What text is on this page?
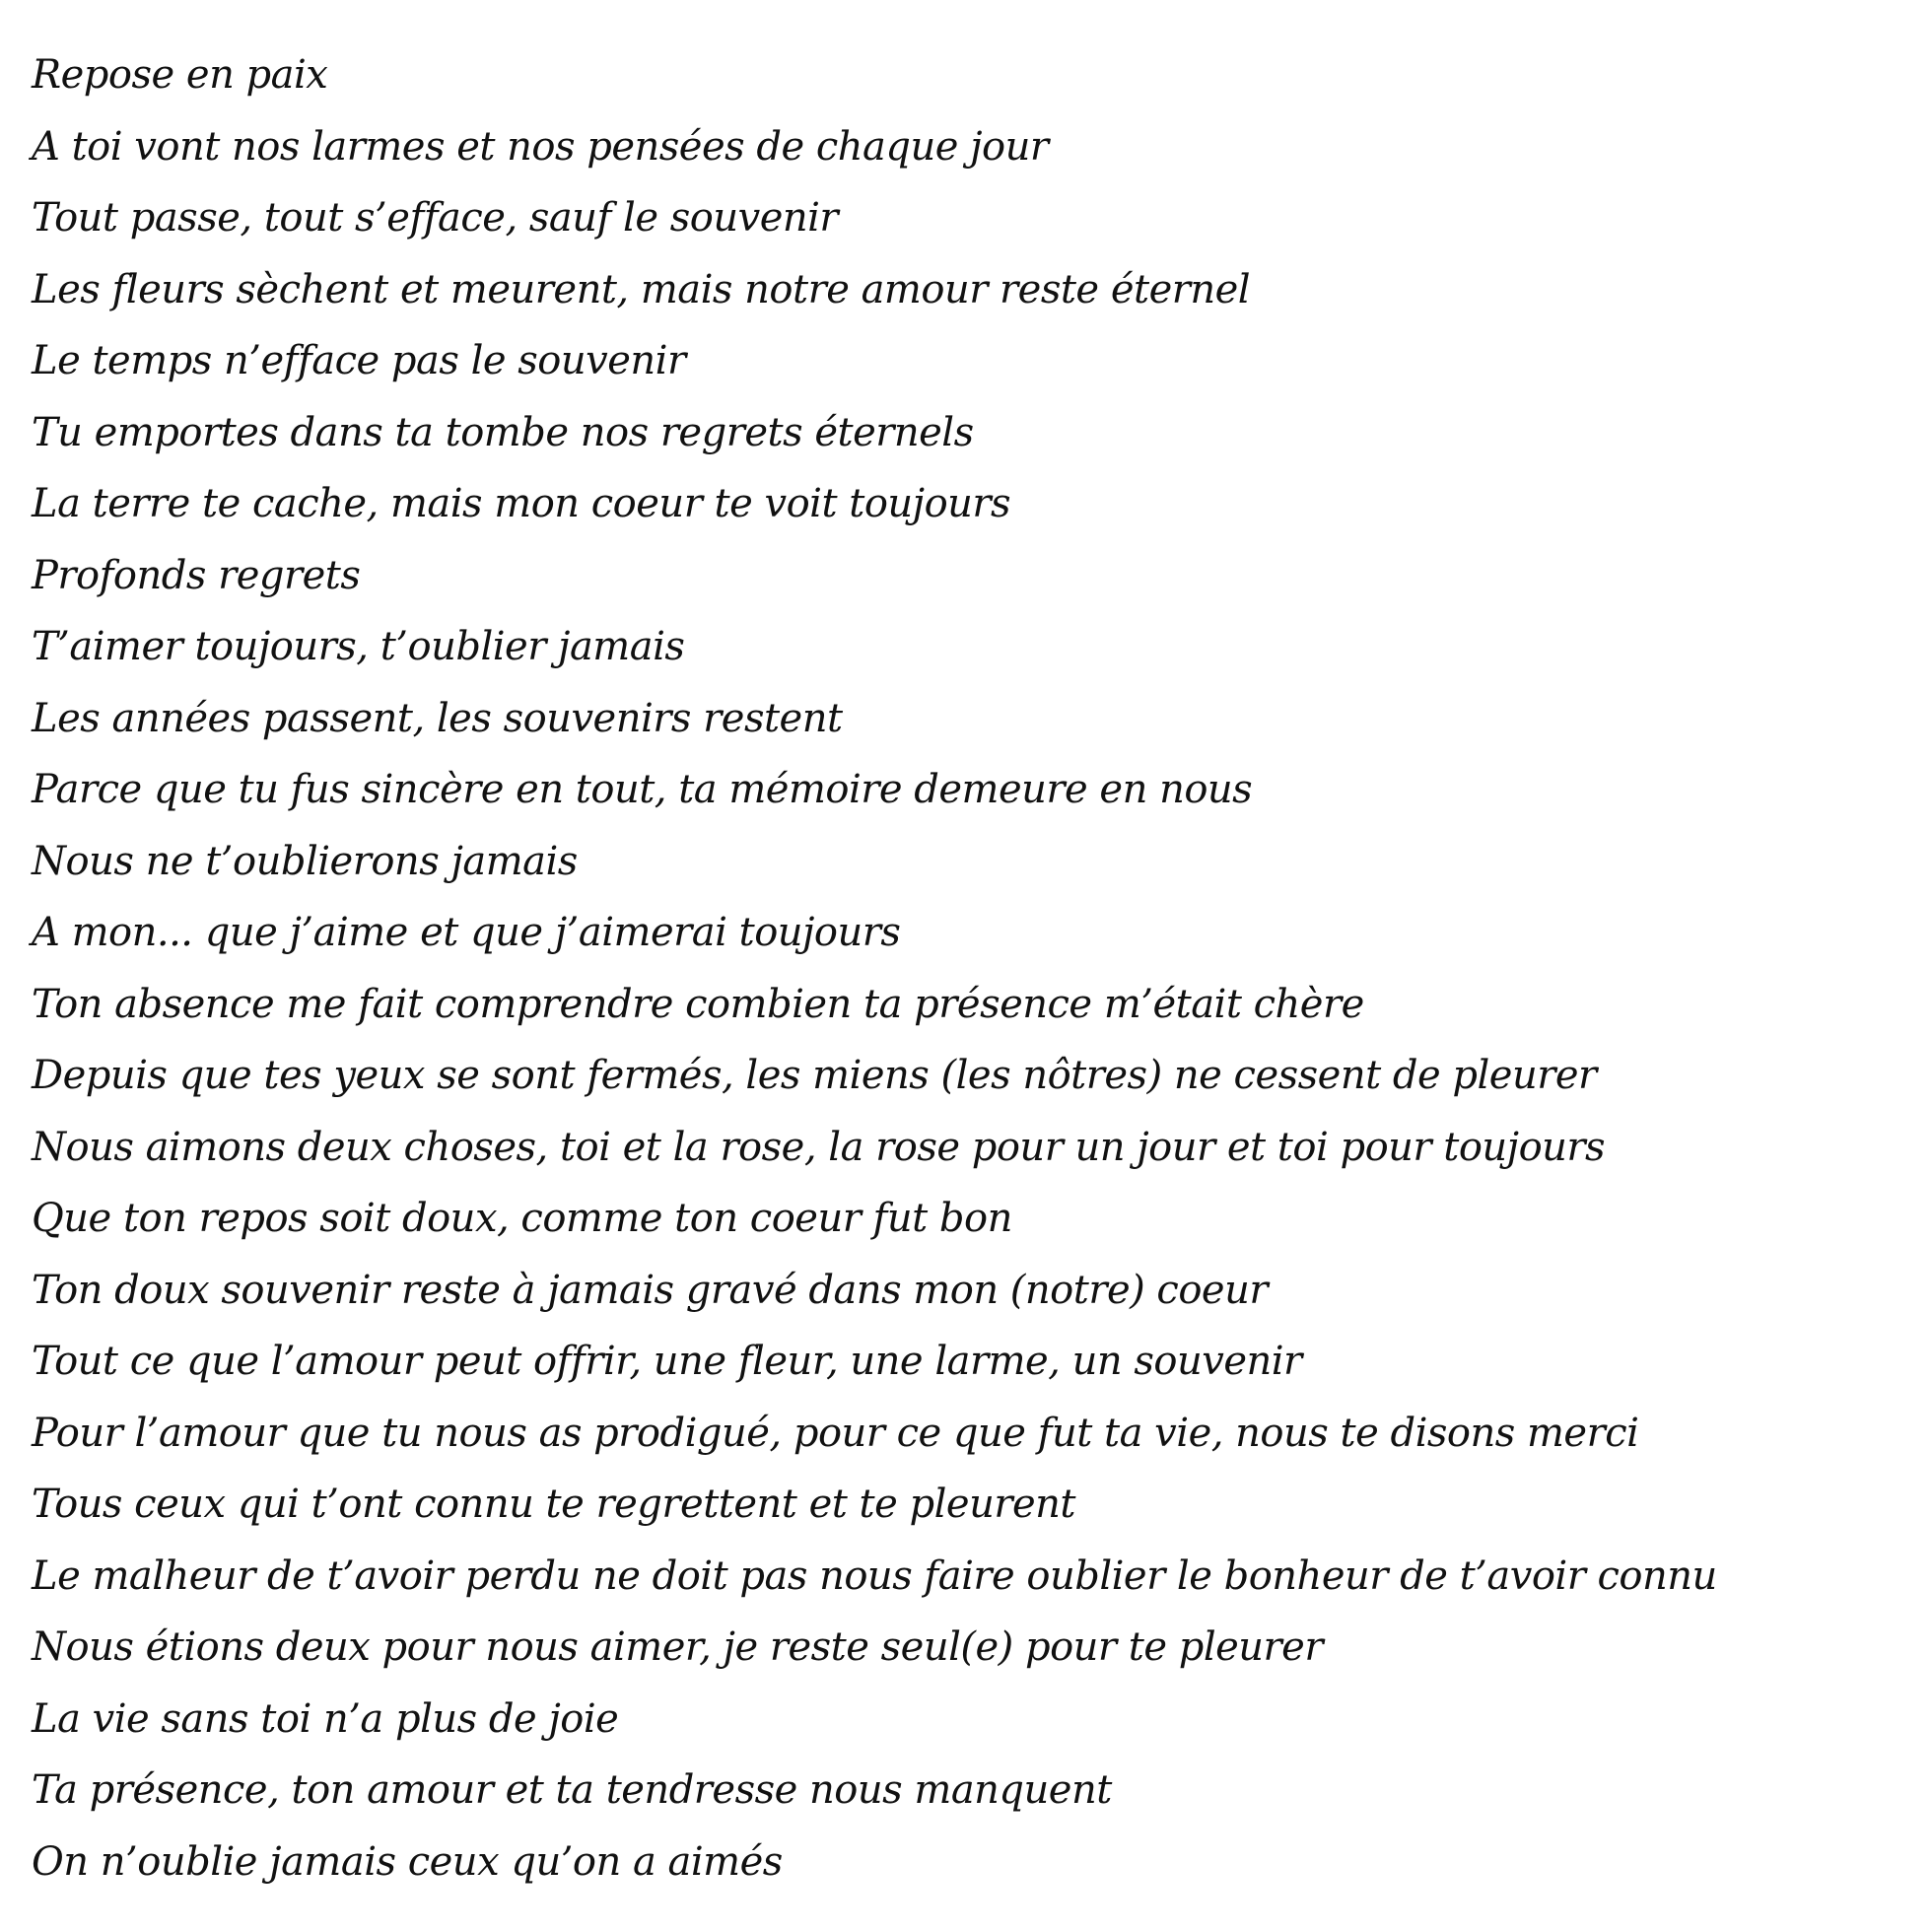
Repose en paix
A toi vont nos larmes et nos pensées de chaque jour
Tout passe, tout s’efface, sauf le souvenir
Les fleurs sèchent et meurent, mais notre amour reste éternel
Le temps n’efface pas le souvenir
Tu emportes dans ta tombe nos regrets éternels
La terre te cache, mais mon coeur te voit toujours
Profonds regrets
T’aimer toujours, t’oublier jamais
Les années passent, les souvenirs restent
Parce que tu fus sincère en tout, ta mémoire demeure en nous
Nous ne t’oublierons jamais
A mon... que j’aime et que j’aimerai toujours
Ton absence me fait comprendre combien ta présence m’était chère
Depuis que tes yeux se sont fermés, les miens (les nôtres) ne cessent de pleurer
Nous aimons deux choses, toi et la rose, la rose pour un jour et toi pour toujours
Que ton repos soit doux, comme ton coeur fut bon
Ton doux souvenir reste à jamais gravé dans mon (notre) coeur
Tout ce que l’amour peut offrir, une fleur, une larme, un souvenir
Pour l’amour que tu nous as prodigué, pour ce que fut ta vie, nous te disons merci
Tous ceux qui t’ont connu te regrettent et te pleurent
Le malheur de t’avoir perdu ne doit pas nous faire oublier le bonheur de t’avoir connu
Nous étions deux pour nous aimer, je reste seul(e) pour te pleurer
La vie sans toi n’a plus de joie
Ta présence, ton amour et ta tendresse nous manquent
On n’oublie jamais ceux qu’on a aimés
